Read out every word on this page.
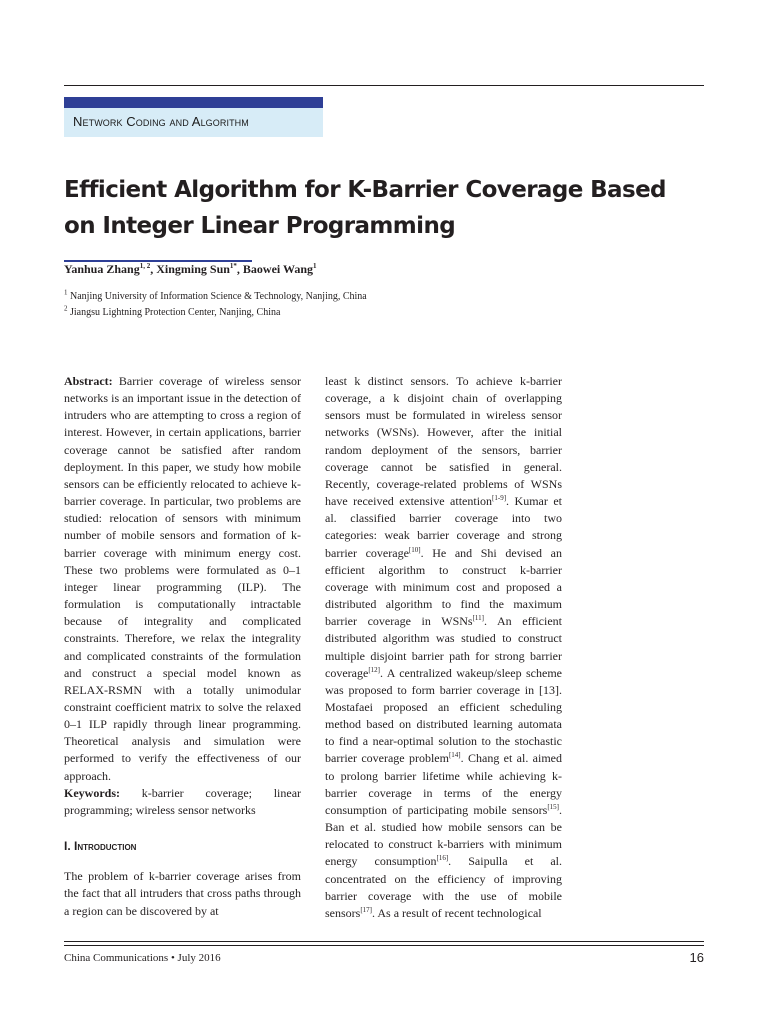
Network Coding and Algorithm
Efficient Algorithm for K-Barrier Coverage Based on Integer Linear Programming
Yanhua Zhang$^{1, 2}$, Xingming Sun$^{1*}$, Baowei Wang$^1$
$^1$ Nanjing University of Information Science & Technology, Nanjing, China
$^2$ Jiangsu Lightning Protection Center, Nanjing, China

Abstract: Barrier coverage of wireless sensor networks is an important issue in the detection of intruders who are attempting to cross a region of interest. However, in certain applications, barrier coverage cannot be satisfied after random deployment. In this paper, we study how mobile sensors can be efficiently relocated to achieve k-barrier coverage. In particular, two problems are studied: relocation of sensors with minimum number of mobile sensors and formation of k-barrier coverage with minimum energy cost. These two problems were formulated as 0–1 integer linear programming (ILP). The formulation is computationally intractable because of integrality and complicated constraints. Therefore, we relax the integrality and complicated constraints of the formulation and construct a special model known as RELAX-RSMN with a totally unimodular constraint coefficient matrix to solve the relaxed 0–1 ILP rapidly through linear programming. Theoretical analysis and simulation were performed to verify the effectiveness of our approach.

Keywords: k-barrier coverage; linear programming; wireless sensor networks

I. Introduction

The problem of k-barrier coverage arises from the fact that all intruders that cross paths through a region can be discovered by at

least k distinct sensors. To achieve k-barrier coverage, a k disjoint chain of overlapping sensors must be formulated in wireless sensor networks (WSNs). However, after the initial random deployment of the sensors, barrier coverage cannot be satisfied in general. Recently, coverage-related problems of WSNs have received extensive attention[1-9]. Kumar et al. classified barrier coverage into two categories: weak barrier coverage and strong barrier coverage[10]. He and Shi devised an efficient algorithm to construct k-barrier coverage with minimum cost and proposed a distributed algorithm to find the maximum barrier coverage in WSNs[11]. An efficient distributed algorithm was studied to construct multiple disjoint barrier path for strong barrier coverage[12]. A centralized wakeup/sleep scheme was proposed to form barrier coverage in [13]. Mostafaei proposed an efficient scheduling method based on distributed learning automata to find a near-optimal solution to the stochastic barrier coverage problem[14]. Chang et al. aimed to prolong barrier lifetime while achieving k-barrier coverage in terms of the energy consumption of participating mobile sensors[15]. Ban et al. studied how mobile sensors can be relocated to construct k-barriers with minimum energy consumption[16]. Saipulla et al. concentrated on the efficiency of improving barrier coverage with the use of mobile sensors[17]. As a result of recent technological

China Communications • July 2016	16
